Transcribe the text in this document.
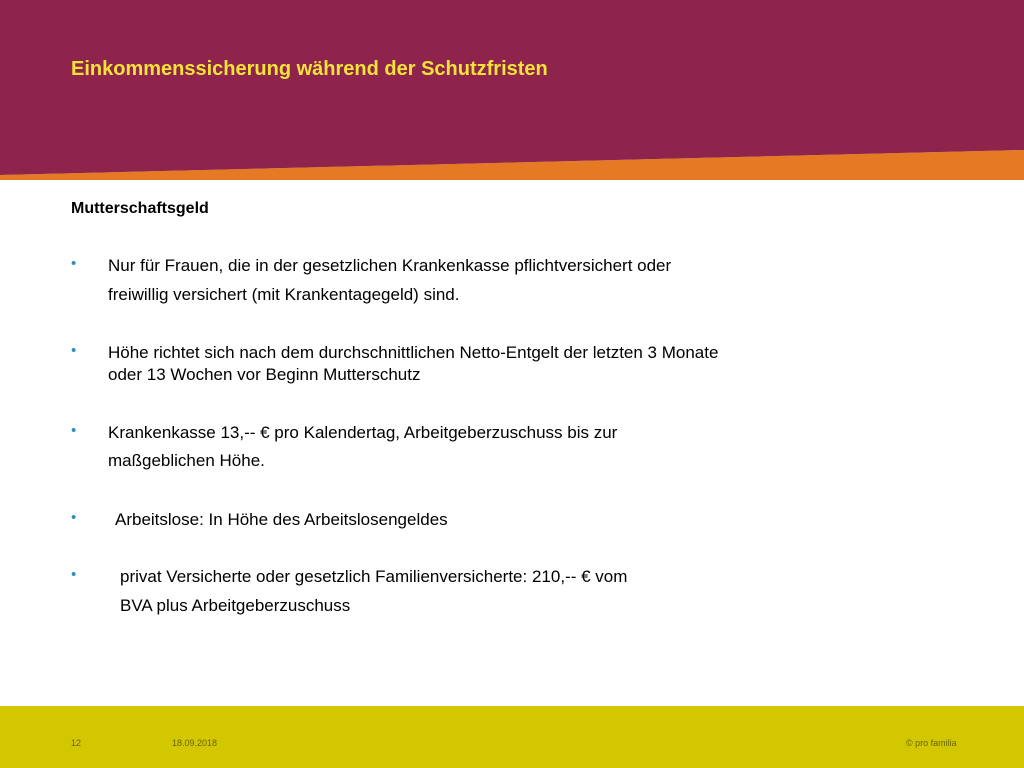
Einkommenssicherung während der Schutzfristen
Mutterschaftsgeld
•	Nur für Frauen, die in der gesetzlichen Krankenkasse pflichtversichert oder
freiwillig versichert (mit Krankentagegeld) sind.
•	Höhe richtet sich nach dem durchschnittlichen Netto-Entgelt der letzten 3 Monate
oder 13 Wochen vor Beginn Mutterschutz
•	Krankenkasse 13,-- € pro Kalendertag, Arbeitgeberzuschuss bis zur
maßgeblichen Höhe.
•	Arbeitslose: In Höhe des Arbeitslosengeldes
•	privat Versicherte oder gesetzlich Familienversicherte: 210,-- € vom
BVA plus Arbeitgeberzuschuss
12	18.09.2018	© pro familia
